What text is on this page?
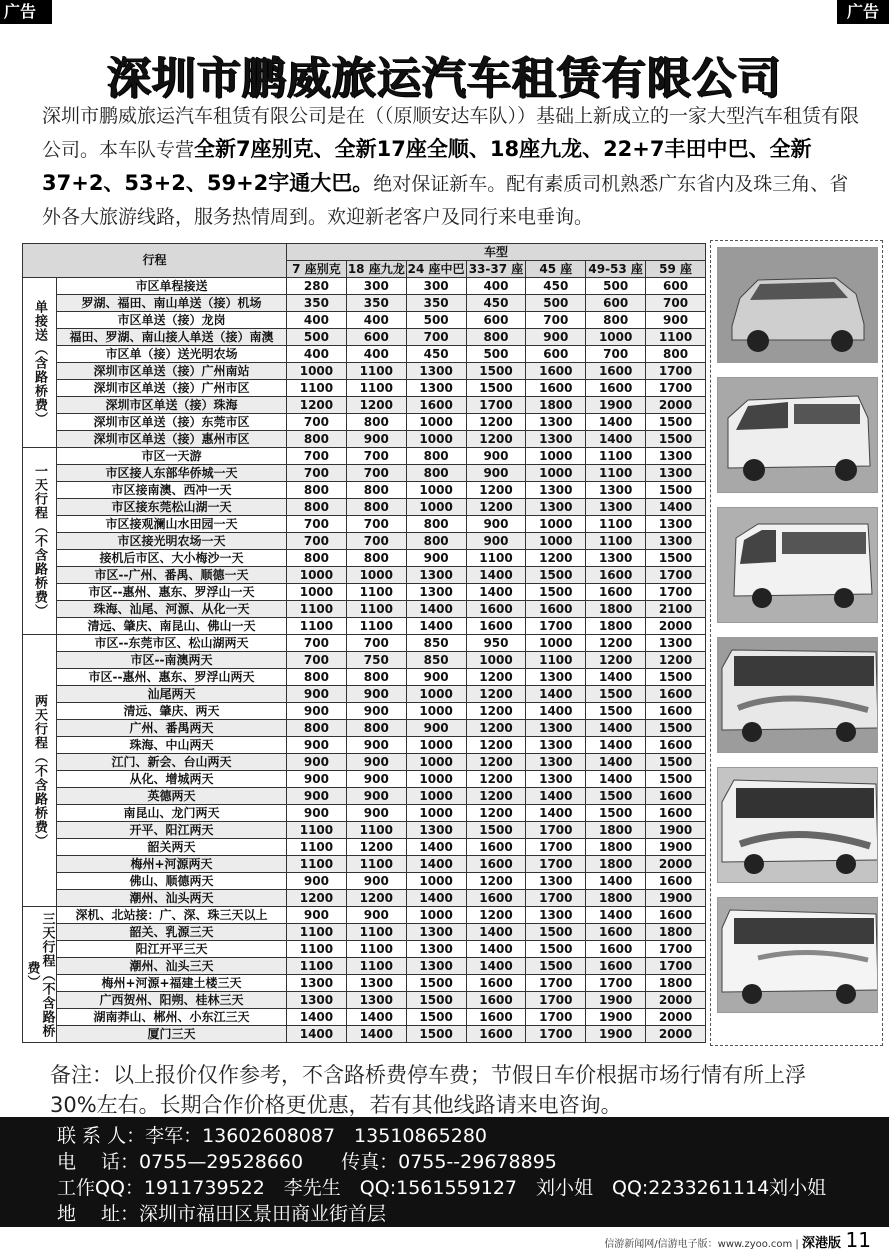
广告	广告
深圳市鹏威旅运汽车租赁有限公司
深圳市鹏威旅运汽车租赁有限公司是在（（原顺安达车队））基础上新成立的一家大型汽车租赁有限公司。本车队专营全新7座别克、全新17座全顺、18座九龙、22+7丰田中巴、全新37+2、53+2、59+2宇通大巴。绝对保证新车。配有素质司机熟悉广东省内及珠三角、省外各大旅游线路，服务热情周到。欢迎新老客户及同行来电垂询。
行程		车型						
		7 座别克	18 座九龙	24 座中巴	33-37 座	45 座	49-53 座	59 座
单接送（含路桥费）	市区单程接送	280	300	300	400	450	500	600
	罗湖、福田、南山单送（接）机场	350	350	350	450	500	600	700
	市区单送（接）龙岗	400	400	500	600	700	800	900
	福田、罗湖、南山接人单送（接）南澳	500	600	700	800	900	1000	1100
	市区单（接）送光明农场	400	400	450	500	600	700	800
	深圳市区单送（接）广州南站	1000	1100	1300	1500	1600	1600	1700
	深圳市区单送（接）广州市区	1100	1100	1300	1500	1600	1600	1700
	深圳市区单送（接）珠海	1200	1200	1600	1700	1800	1900	2000
	深圳市区单送（接）东莞市区	700	800	1000	1200	1300	1400	1500
	深圳市区单送（接）惠州市区	800	900	1000	1200	1300	1400	1500
一天行程（不含路桥费）	市区一天游	700	700	800	900	1000	1100	1300
	市区接人东部华侨城一天	700	700	800	900	1000	1100	1300
	市区接南澳、西冲一天	800	800	1000	1200	1300	1300	1500
	市区接东莞松山湖一天	800	800	1000	1200	1300	1300	1400
	市区接观澜山水田园一天	700	700	800	900	1000	1100	1300
	市区接光明农场一天	700	700	800	900	1000	1100	1300
	接机后市区、大小梅沙一天	800	800	900	1100	1200	1300	1500
	市区--广州、番禺、顺德一天	1000	1000	1300	1400	1500	1600	1700
	市区--惠州、惠东、罗浮山一天	1000	1100	1300	1400	1500	1600	1700
	珠海、汕尾、河源、从化一天	1100	1100	1400	1600	1600	1800	2100
	清远、肇庆、南昆山、佛山一天	1100	1100	1400	1600	1700	1800	2000
两天行程（不含路桥费）	市区--东莞市区、松山湖两天	700	700	850	950	1000	1200	1300
	市区--南澳两天	700	750	850	1000	1100	1200	1200
	市区--惠州、惠东、罗浮山两天	800	800	900	1200	1300	1400	1500
	汕尾两天	900	900	1000	1200	1400	1500	1600
	清远、肇庆、两天	900	900	1000	1200	1400	1500	1600
	广州、番禺两天	800	800	900	1200	1300	1400	1500
	珠海、中山两天	900	900	1000	1200	1300	1400	1600
	江门、新会、台山两天	900	900	1000	1200	1300	1400	1500
	从化、增城两天	900	900	1000	1200	1300	1400	1500
	英德两天	900	900	1000	1200	1400	1500	1600
	南昆山、龙门两天	900	900	1000	1200	1400	1500	1600
	开平、阳江两天	1100	1100	1300	1500	1700	1800	1900
	韶关两天	1100	1200	1400	1600	1700	1800	1900
	梅州+河源两天	1100	1100	1400	1600	1700	1800	2000
	佛山、顺德两天	900	900	1000	1200	1300	1400	1600
	潮州、汕头两天	1200	1200	1400	1600	1700	1800	1900
三天行程（不含路桥费）	深机、北站接：广、深、珠三天以上	900	900	1000	1200	1300	1400	1600
	韶关、乳源三天	1100	1100	1300	1400	1500	1600	1800
	阳江开平三天	1100	1100	1300	1400	1500	1600	1700
	潮州、汕头三天	1100	1100	1300	1400	1500	1600	1700
	梅州+河源+福建土楼三天	1300	1300	1500	1600	1700	1700	1800
	广西贺州、阳朔、桂林三天	1300	1300	1500	1600	1700	1900	2000
	湖南莽山、郴州、小东江三天	1400	1400	1500	1600	1700	1900	2000
	厦门三天	1400	1400	1500	1600	1700	1900	2000
备注：以上报价仅作参考，不含路桥费停车费；节假日车价根据市场行情有所上浮30%左右。长期合作价格更优惠，若有其他线路请来电咨询。
联 系 人：李军：13602608087　13510865280
电　 话：0755—29528660　　传真：0755--29678895
工作QQ：1911739522　李先生　QQ:1561559127　刘小姐　QQ:2233261114刘小姐
地　 址：深圳市福田区景田商业街首层
信游新闻网/信游电子版：www.zyoo.com | 深港版 11
